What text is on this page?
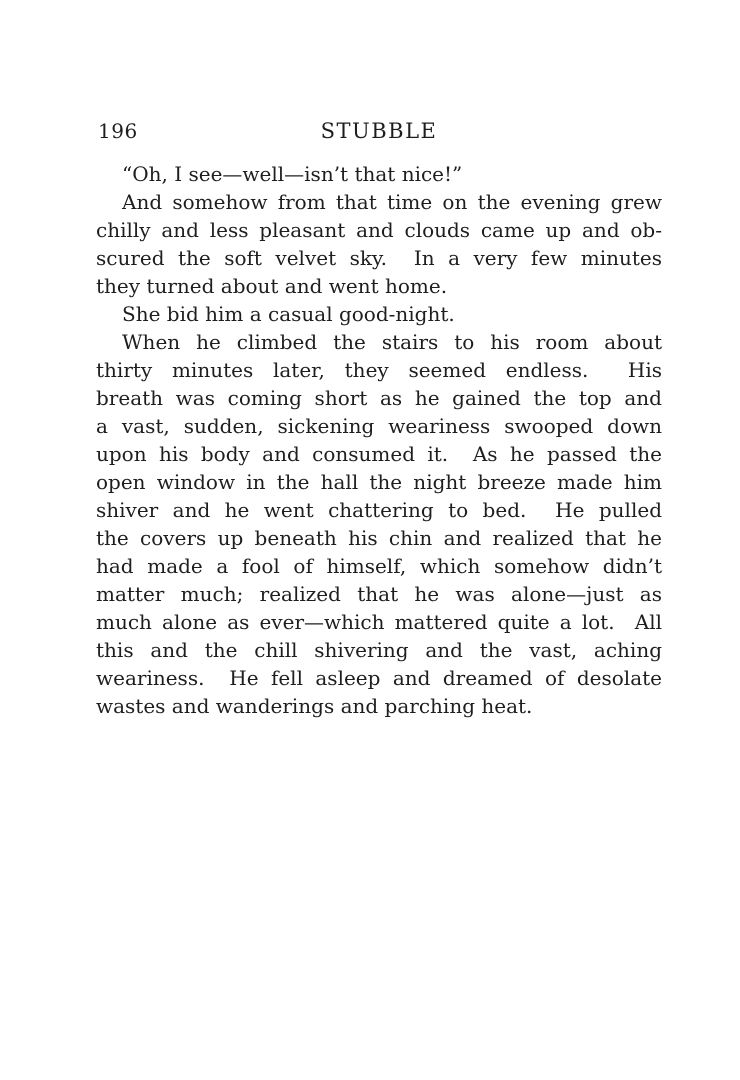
196	STUBBLE
“Oh, I see—well—isn’t that nice!”
And somehow from that time on the evening grew
chilly and less pleasant and clouds came up and ob-
scured the soft velvet sky.  In a very few minutes
they turned about and went home.
She bid him a casual good-night.
When he climbed the stairs to his room about
thirty minutes later, they seemed endless.  His
breath was coming short as he gained the top and
a vast, sudden, sickening weariness swooped down
upon his body and consumed it.  As he passed the
open window in the hall the night breeze made him
shiver and he went chattering to bed.  He pulled
the covers up beneath his chin and realized that he
had made a fool of himself, which somehow didn’t
matter much; realized that he was alone—just as
much alone as ever—which mattered quite a lot.  All
this and the chill shivering and the vast, aching
weariness.  He fell asleep and dreamed of desolate
wastes and wanderings and parching heat.
